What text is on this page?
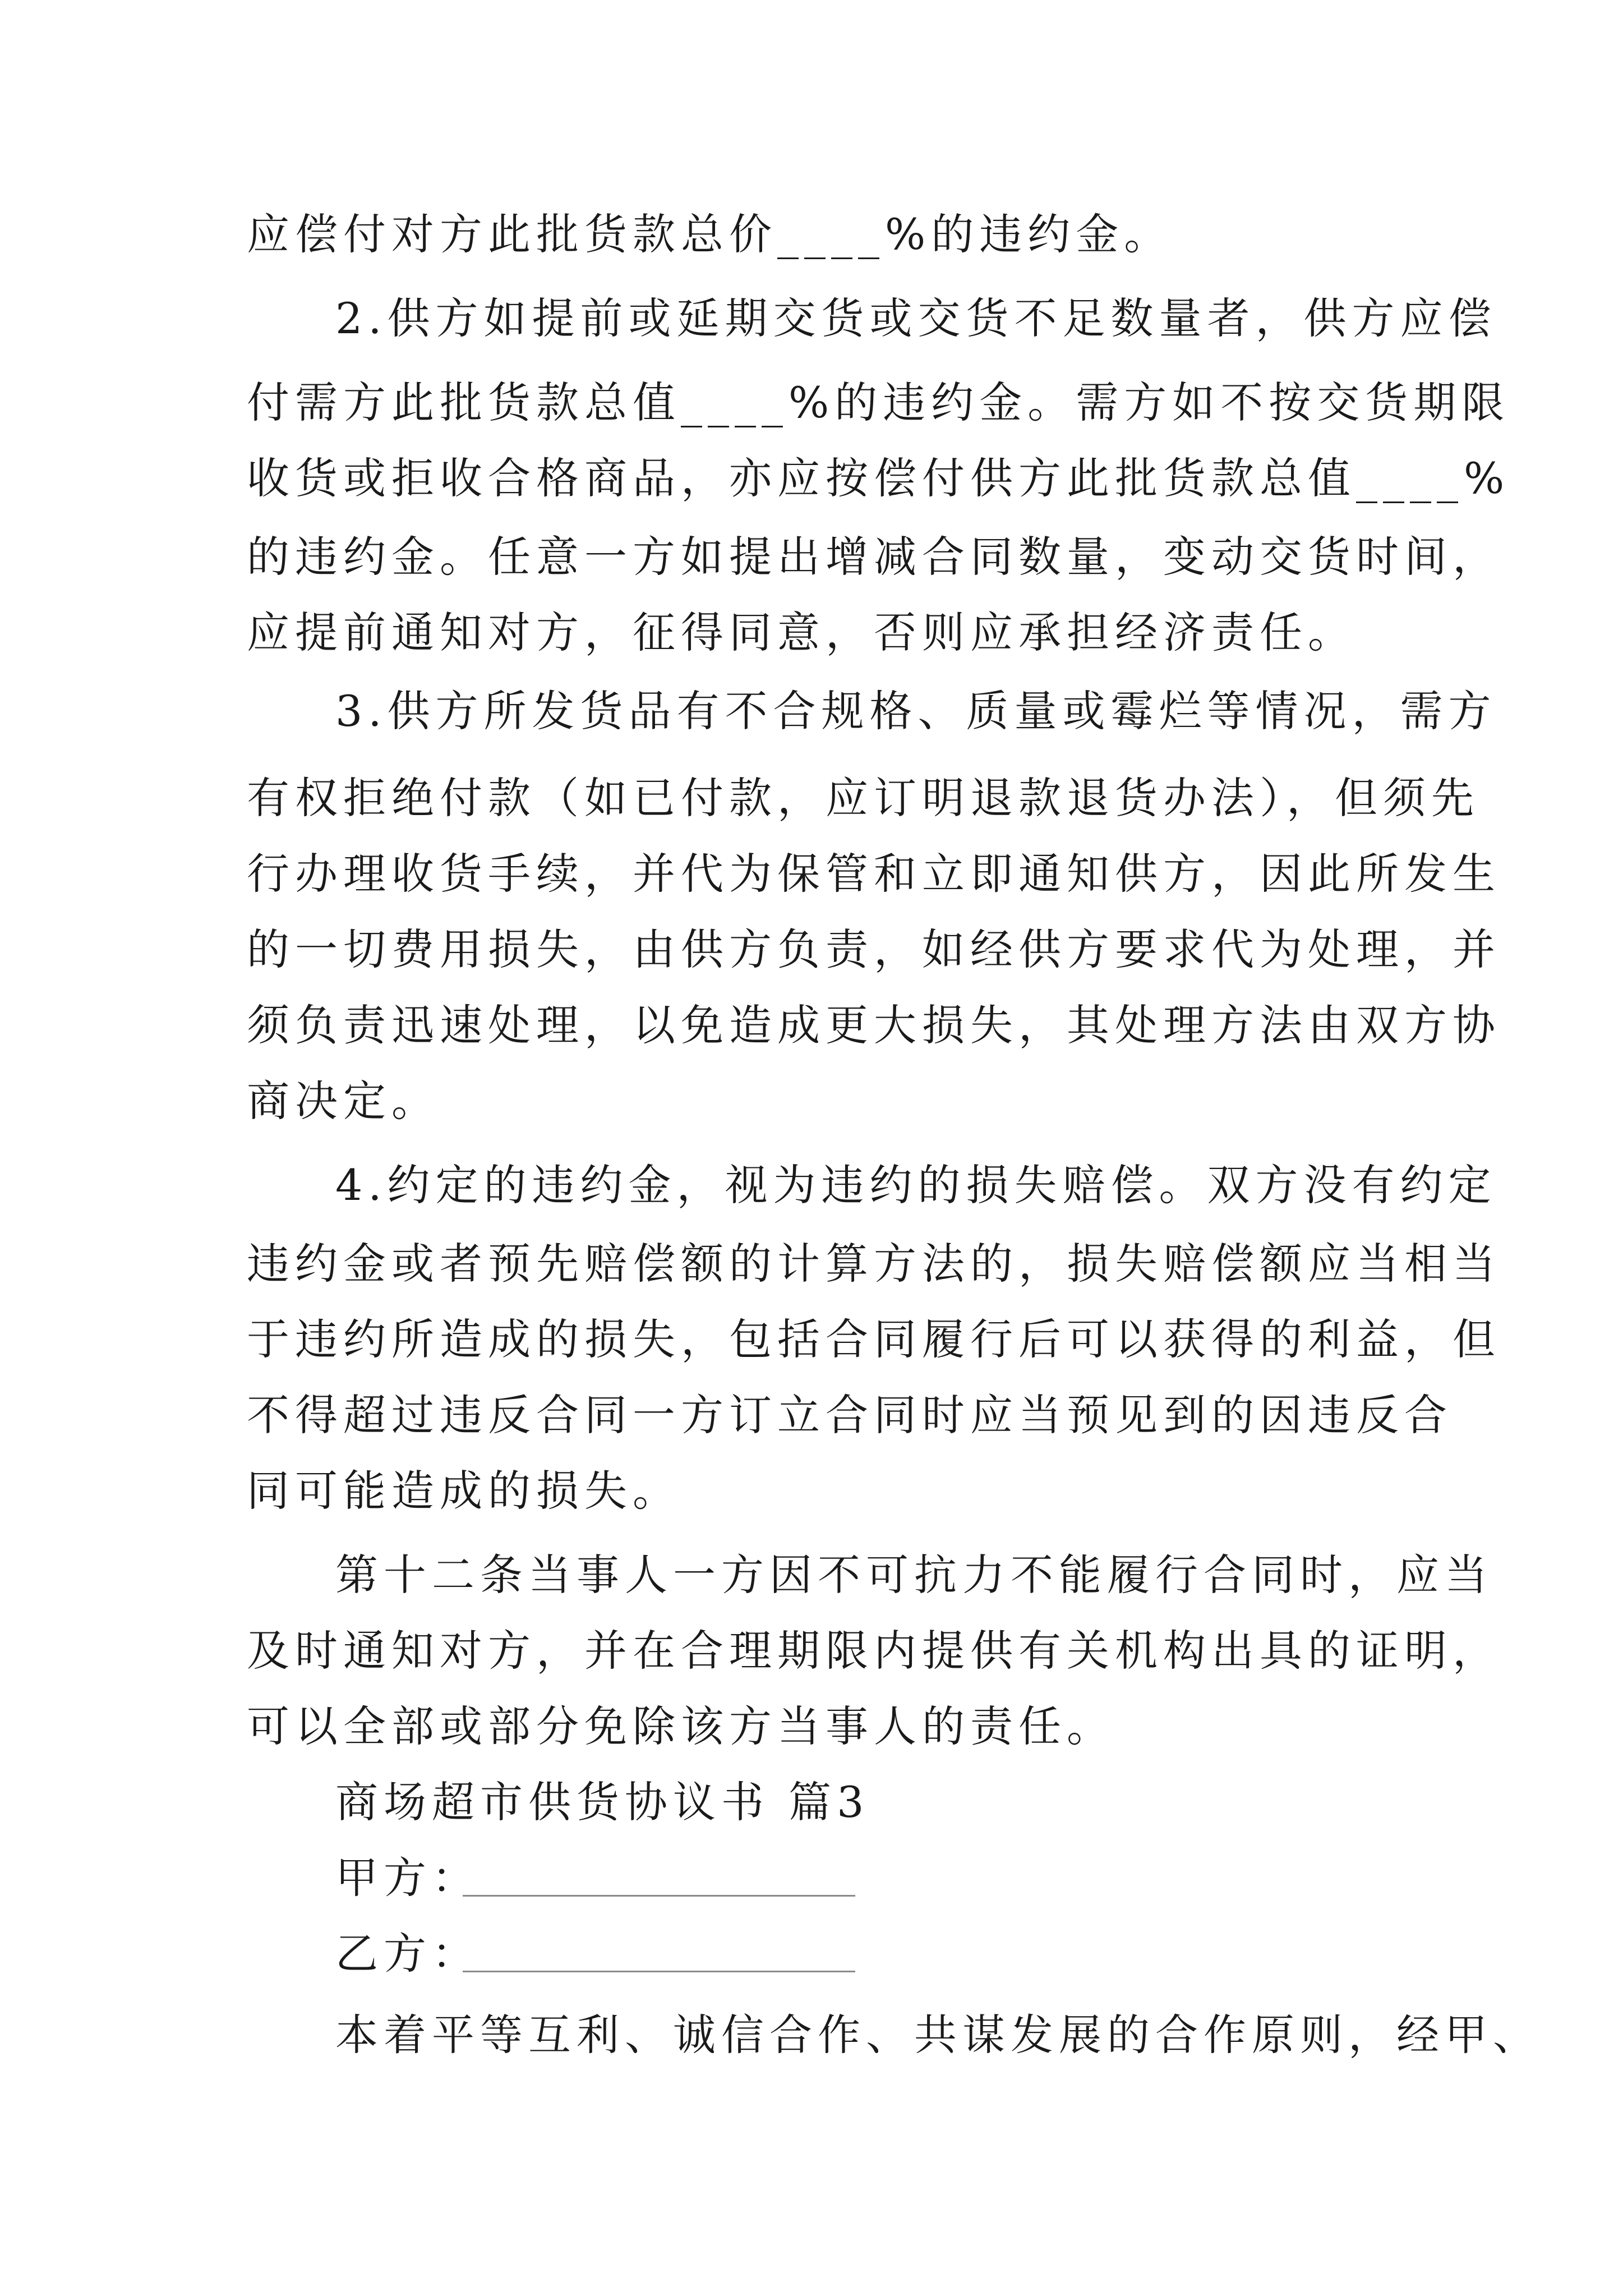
应偿付对方此批货款总价____%的违约金。
2.供方如提前或延期交货或交货不足数量者，供方应偿
付需方此批货款总值____%的违约金。需方如不按交货期限
收货或拒收合格商品，亦应按偿付供方此批货款总值____%
的违约金。任意一方如提出增减合同数量，变动交货时间，
应提前通知对方，征得同意，否则应承担经济责任。
3.供方所发货品有不合规格、质量或霉烂等情况，需方
有权拒绝付款（如已付款，应订明退款退货办法），但须先
行办理收货手续，并代为保管和立即通知供方，因此所发生
的一切费用损失，由供方负责，如经供方要求代为处理，并
须负责迅速处理，以免造成更大损失，其处理方法由双方协
商决定。
4.约定的违约金，视为违约的损失赔偿。双方没有约定
违约金或者预先赔偿额的计算方法的，损失赔偿额应当相当
于违约所造成的损失，包括合同履行后可以获得的利益，但
不得超过违反合同一方订立合同时应当预见到的因违反合
同可能造成的损失。
第十二条当事人一方因不可抗力不能履行合同时，应当
及时通知对方，并在合理期限内提供有关机构出具的证明，
可以全部或部分免除该方当事人的责任。
商场超市供货协议书 篇3
甲方：
乙方：
本着平等互利、诚信合作、共谋发展的合作原则，经甲、
